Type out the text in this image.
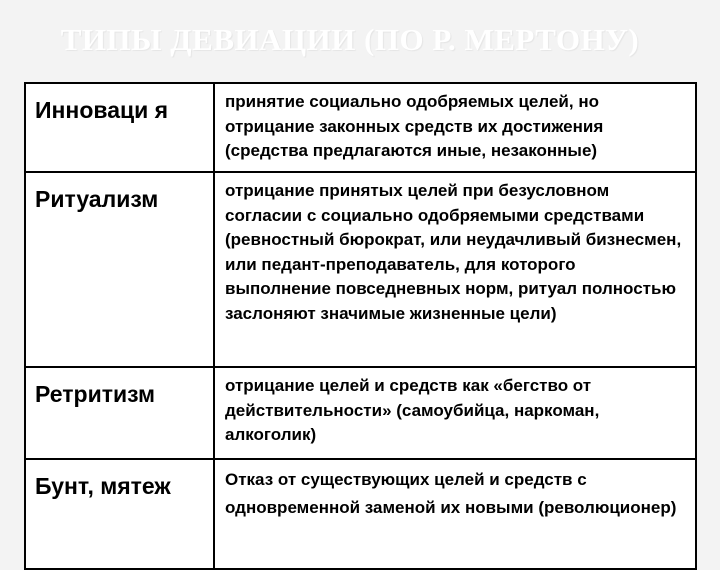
ТИПЫ ДЕВИАЦИИ (ПО Р. МЕРТОНУ)
Инноваци я	принятие социально одобряемых целей, но отрицание законных средств их достижения (средства предлагаются иные, незаконные)
Ритуализм	отрицание принятых целей при безусловном согласии с социально одобряемыми средствами (ревностный бюрократ, или неудачливый бизнесмен, или педант-преподаватель, для которого выполнение повседневных норм, ритуал полностью заслоняют значимые жизненные цели)
Ретритизм	отрицание целей и средств как «бегство от действительности» (самоубийца, наркоман, алкоголик)
Бунт, мятеж	Отказ от существующих целей и средств с одновременной заменой их новыми (революционер)
